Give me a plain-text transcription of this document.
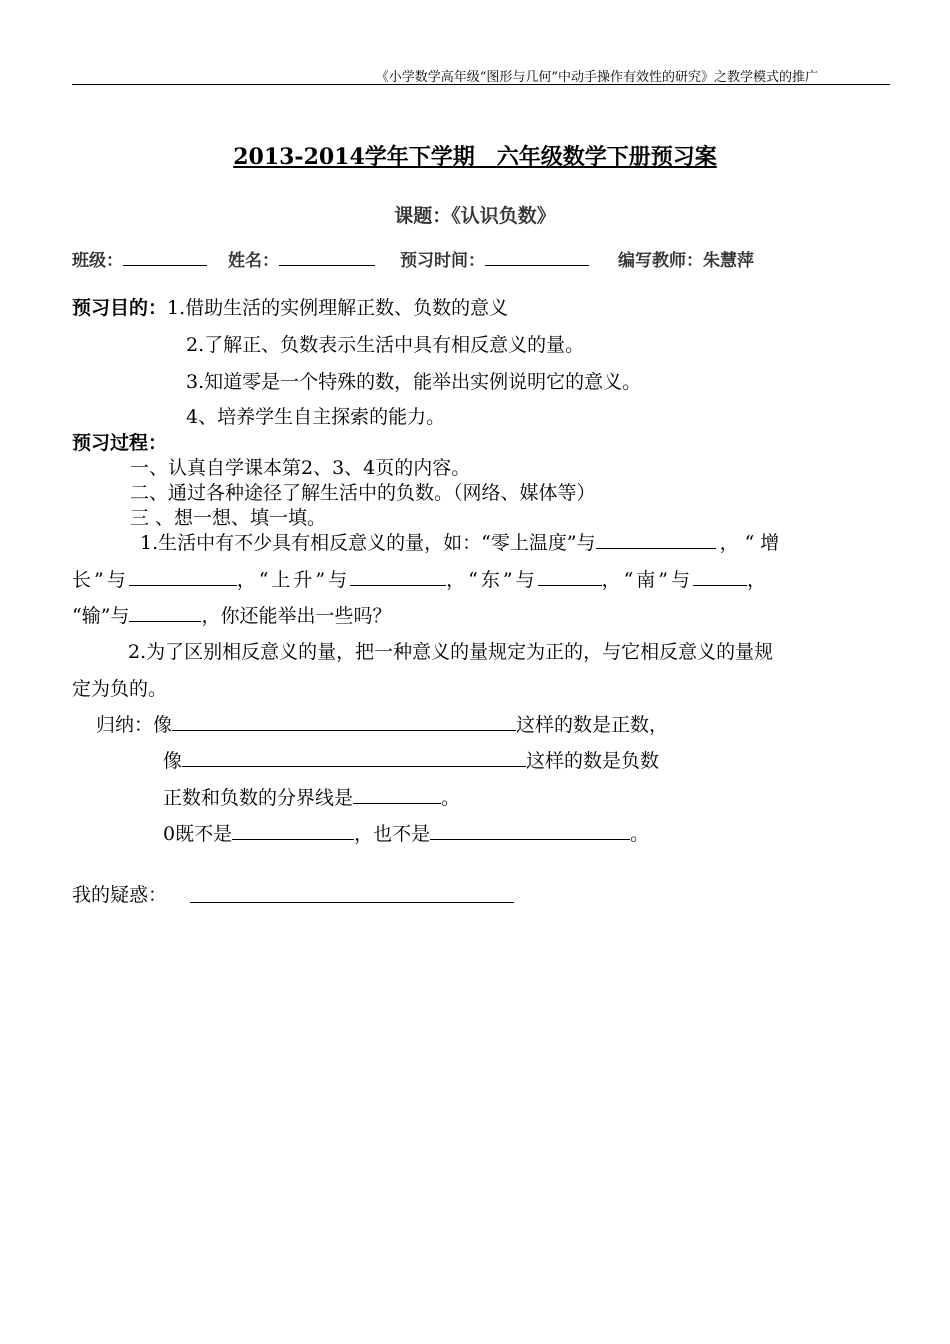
《小学数学高年级“图形与几何”中动手操作有效性的研究》之教学模式的推广
2013-2014学年下学期　六年级数学下册预习案
课题：《认识负数》
班级：	姓名：	预习时间：	编写教师：朱慧萍
预习目的：1.借助生活的实例理解正数、负数的意义
2.了解正、负数表示生活中具有相反意义的量。
3.知道零是一个特殊的数，能举出实例说明它的意义。
4、培养学生自主探索的能力。
预习过程：
一、认真自学课本第2、3、4页的内容。
二、通过各种途径了解生活中的负数。（网络、媒体等）
三 、想一想、填一填。
1.生活中有不少具有相反意义的量，如：“零上温度”与	，“增
长”与	，“上升”与	，“东”与	，“南”与	，
“输”与	，你还能举出一些吗？
2.为了区别相反意义的量，把一种意义的量规定为正的，与它相反意义的量规
定为负的。
归纳：像	这样的数是正数，
像	这样的数是负数
正数和负数的分界线是	。
0既不是	，也不是	。
我的疑惑：
